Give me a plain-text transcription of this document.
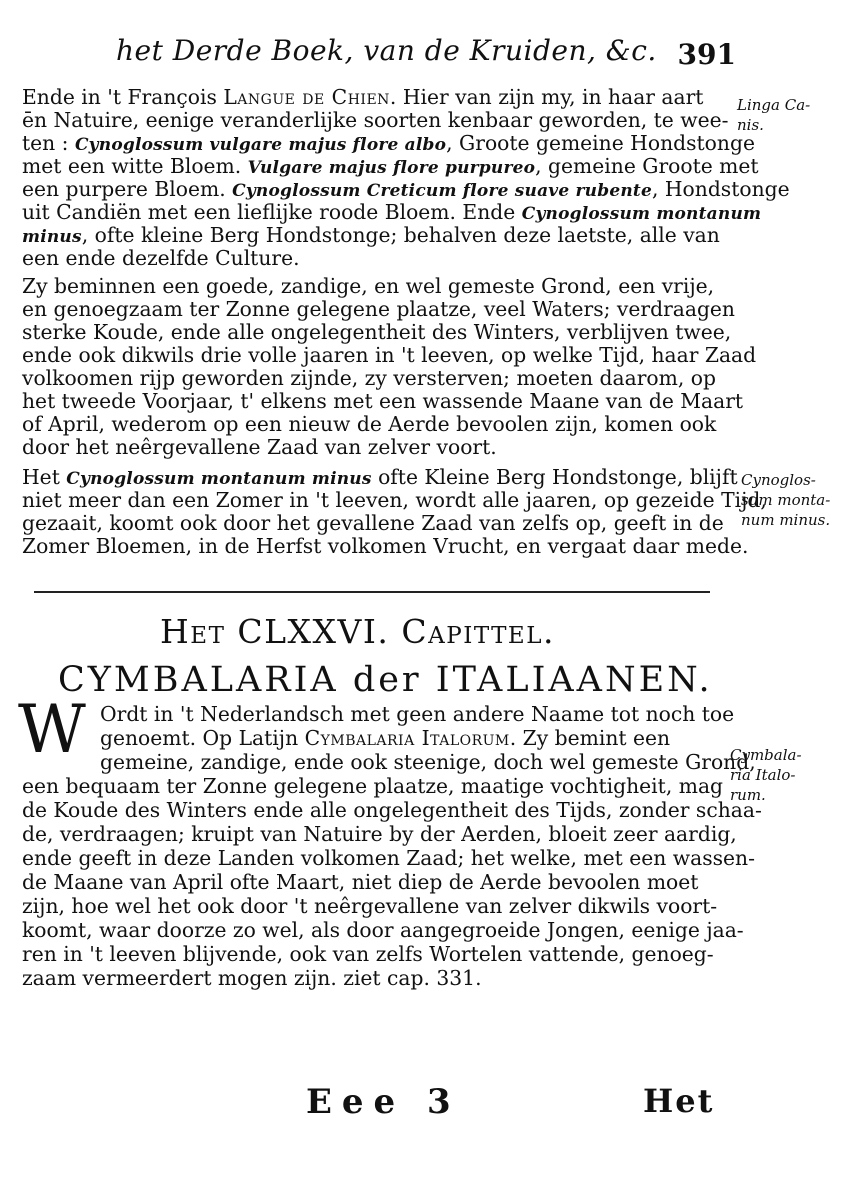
het Derde Boek, van de Kruiden, &c. 391
Ende in 't François Langue de Chien. Hier van zijn my, in haar aart
ēn Natuire, eenige veranderlijke soorten kenbaar geworden, te wee-
ten : Cynoglossum vulgare majus flore albo, Groote gemeine Hondstonge
met een witte Bloem. Vulgare majus flore purpureo, gemeine Groote met
een purpere Bloem. Cynoglossum Creticum flore suave rubente, Hondstonge
uit Candiën met een lieflijke roode Bloem. Ende Cynoglossum montanum
minus, ofte kleine Berg Hondstonge; behalven deze laetste, alle van
een ende dezelfde Culture.
Zy beminnen een goede, zandige, en wel gemeste Grond, een vrije,
en genoegzaam ter Zonne gelegene plaatze, veel Waters; verdraagen
sterke Koude, ende alle ongelegentheit des Winters, verblijven twee,
ende ook dikwils drie volle jaaren in 't leeven, op welke Tijd, haar Zaad
volkoomen rijp geworden zijnde, zy versterven; moeten daarom, op
het tweede Voorjaar, t' elkens met een wassende Maane van de Maart
of April, wederom op een nieuw de Aerde bevoolen zijn, komen ook
door het neêrgevallene Zaad van zelver voort.
Het Cynoglossum montanum minus ofte Kleine Berg Hondstonge, blijft
niet meer dan een Zomer in 't leeven, wordt alle jaaren, op gezeide Tijd,
gezaait, koomt ook door het gevallene Zaad van zelfs op, geeft in de
Zomer Bloemen, in de Herfst volkomen Vrucht, en vergaat daar mede.
Linga Ca-
nis.
Cynoglos-
sum monta-
num minus.
Cymbala-
ria Italo-
rum.
Het CLXXVI. Capittel.
CYMBALARIA der ITALIAANEN.
W Ordt in 't Nederlandsch met geen andere Naame tot noch toe
genoemt. Op Latijn Cymbalaria Italorum. Zy bemint een
gemeine, zandige, ende ook steenige, doch wel gemeste Grond,
een bequaam ter Zonne gelegene plaatze, maatige vochtigheit, mag
de Koude des Winters ende alle ongelegentheit des Tijds, zonder schaa-
de, verdraagen; kruipt van Natuire by der Aerden, bloeit zeer aardig,
ende geeft in deze Landen volkomen Zaad; het welke, met een wassen-
de Maane van April ofte Maart, niet diep de Aerde bevoolen moet
zijn, hoe wel het ook door 't neêrgevallene van zelver dikwils voort-
koomt, waar doorze zo wel, als door aangegroeide Jongen, eenige jaa-
ren in 't leeven blijvende, ook van zelfs Wortelen vattende, genoeg-
zaam vermeerdert mogen zijn. ziet cap. 331.
Eee 3	Het
